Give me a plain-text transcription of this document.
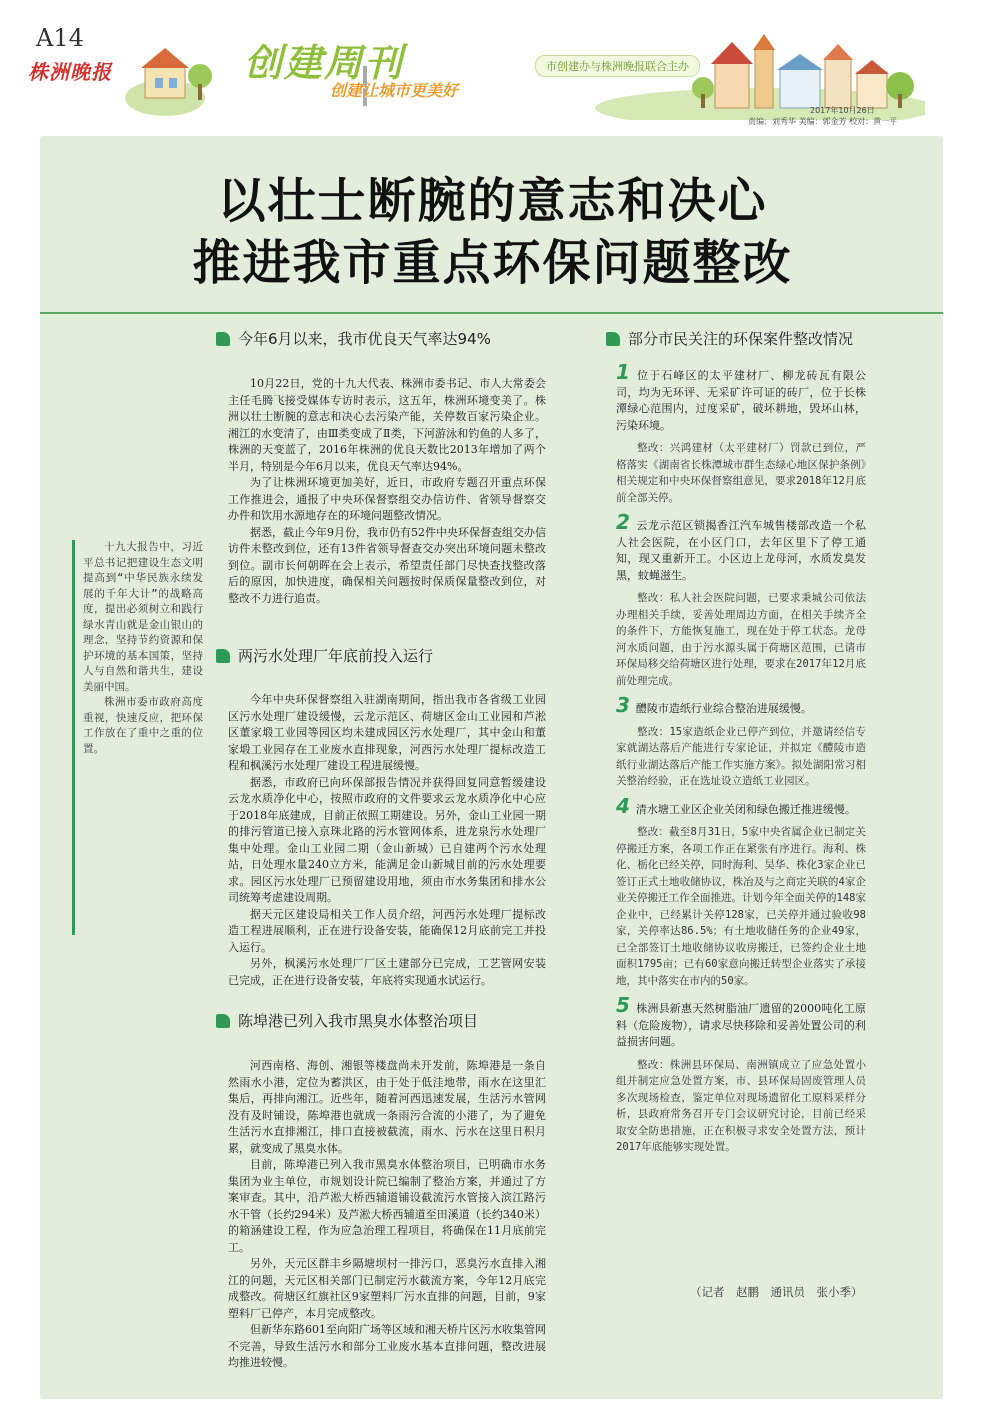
A14
株洲晚报	创建周刊
创建让城市更美好
市创建办与株洲晚报联合主办
2017年10月26日
责编：刘秀华 美编：郭金芳 校对：黄一平
以壮士断腕的意志和决心
推进我市重点环保问题整改
今年6月以来，我市优良天气率达94%

10月22日，党的十九大代表、株洲市委书记、市人大常委会主任毛腾飞接受媒体专访时表示，这五年，株洲环境变美了。株洲以壮士断腕的意志和决心去污染产能，关停数百家污染企业。湘江的水变清了，由Ⅲ类变成了Ⅱ类，下河游泳和钓鱼的人多了，株洲的天变蓝了，2016年株洲的优良天数比2013年增加了两个半月，特别是今年6月以来，优良天气率达94%。

为了让株洲环境更加美好，近日，市政府专题召开重点环保工作推进会，通报了中央环保督察组交办信访件、省领导督察交办件和饮用水源地存在的环境问题整改情况。

据悉，截止今年9月份，我市仍有52件中央环保督查组交办信访件未整改到位，还有13件省领导督查交办突出环境问题未整改到位。副市长何朝晖在会上表示，希望责任部门尽快查找整改落后的原因，加快进度，确保相关问题按时保质保量整改到位，对整改不力进行追责。

两污水处理厂年底前投入运行

今年中央环保督察组入驻湖南期间，指出我市各省级工业园区污水处理厂建设缓慢，云龙示范区、荷塘区金山工业园和芦淞区董家塅工业园等园区均未建成园区污水处理厂，其中金山和董家塅工业园存在工业废水直排现象，河西污水处理厂提标改造工程和枫溪污水处理厂建设工程进展缓慢。

据悉，市政府已向环保部报告情况并获得回复同意暂缓建设云龙水质净化中心，按照市政府的文件要求云龙水质净化中心应于2018年底建成，目前正依照工期建设。另外，金山工业园一期的排污管道已接入京珠北路的污水管网体系，进龙泉污水处理厂集中处理。金山工业园二期（金山新城）已自建两个污水处理站，日处理水量240立方米，能满足金山新城目前的污水处理要求。园区污水处理厂已预留建设用地，须由市水务集团和排水公司统筹考虑建设周期。

据天元区建设局相关工作人员介绍，河西污水处理厂提标改造工程进展顺利，正在进行设备安装，能确保12月底前完工并投入运行。

另外，枫溪污水处理厂厂区土建部分已完成，工艺管网安装已完成，正在进行设备安装，年底将实现通水试运行。

陈埠港已列入我市黑臭水体整治项目

河西南格、海创、湘银等楼盘尚未开发前，陈埠港是一条自然雨水小港，定位为蓄洪区，由于处于低洼地带，雨水在这里汇集后，再排向湘江。近些年，随着河西迅速发展，生活污水管网没有及时铺设，陈埠港也就成一条雨污合流的小港了，为了避免生活污水直排湘江，排口直接被截流，雨水、污水在这里日积月累，就变成了黑臭水体。

目前，陈埠港已列入我市黑臭水体整治项目，已明确市水务集团为业主单位，市规划设计院已编制了整治方案，并通过了方案审查。其中，沿芦淞大桥西辅道铺设截流污水管接入滨江路污水干管（长约294米）及芦淞大桥西辅道至田溪道（长约340米）的箱涵建设工程，作为应急治理工程项目，将确保在11月底前完工。

另外，天元区群丰乡隔塘坝村一排污口，恶臭污水直排入湘江的问题，天元区相关部门已制定污水截流方案，今年12月底完成整改。荷塘区红旗社区9家塑料厂污水直排的问题，目前，9家塑料厂已停产，本月完成整改。

但新华东路601至向阳广场等区域和湘天桥片区污水收集管网不完善，导致生活污水和部分工业废水基本直排问题，整改进展均推进较慢。

十九大报告中，习近平总书记把建设生态文明提高到“中华民族永续发展的千年大计”的战略高度，提出必须树立和践行绿水青山就是金山银山的理念，坚持节约资源和保护环境的基本国策，坚持人与自然和谐共生，建设美丽中国。

株洲市委市政府高度重视，快速反应，把环保工作放在了重中之重的位置。

部分市民关注的环保案件整改情况
1 位于石峰区的太平建材厂、柳龙砖瓦有限公司，均为无环评、无采矿许可证的砖厂，位于长株潭绿心范围内，过度采矿，破坏耕地，毁坏山林，污染环境。

整改：兴鸿建材（太平建材厂）罚款已到位，严格落实《湖南省长株潭城市群生态绿心地区保护条例》相关规定和中央环保督察组意见，要求2018年12月底前全部关停。

2 云龙示范区锁揭香江汽车城售楼部改造一个私人社会医院，在小区门口，去年区里下了停工通知，现又重新开工。小区边上龙母河，水质发臭发黑，蚊蝇滋生。

整改：私人社会医院问题，已要求秉城公司依法办理相关手续，妥善处理周边方面，在相关手续齐全的条件下，方能恢复施工，现在处于停工状态。龙母河水质问题，由于污水源头属于荷塘区范围，已请市环保局移交给荷塘区进行处理，要求在2017年12月底前处理完成。

3 醴陵市造纸行业综合整治进展缓慢。

整改：15家造纸企业已停产到位，并邀请经信专家就湖达落后产能进行专家论证，并拟定《醴陵市造纸行业湖达落后产能工作实施方案》。拟处湖阳常习相关整治经验，正在选址设立造纸工业园区。

4 清水塘工业区企业关闭和绿色搬迁推进缓慢。

整改：截至8月31日，5家中央省属企业已制定关停搬迁方案，各项工作正在紧张有序进行。海利、株化、栃化已经关停，同时海利、昊华、株化3家企业已签订正式土地收储协议，株冶及与之商定关联的4家企业关停搬迁工作全面推进。计划今年全面关停的148家企业中，已经累计关停128家，已关停并通过验收98家，关停率达86.5%；有土地收储任务的企业49家，已全部签订土地收储协议收房搬迁，已签约企业土地面积1795亩；已有60家意向搬迁转型企业落实了承接地，其中落实在市内的50家。

5 株洲县新惠天然树脂油厂遗留的2000吨化工原料（危险废物），请求尽快移除和妥善处置公司的利益损害问题。

整改：株洲县环保局、南洲镇成立了应急处置小组并制定应急处置方案，市、县环保局固废管理人员多次现场检查，鉴定单位对现场遗留化工原料采样分析，县政府常务召开专门会议研究讨论，目前已经采取安全防患措施，正在积极寻求安全处置方法，预计2017年底能够实现处置。

（记者　赵鹏　通讯员　张小季）
